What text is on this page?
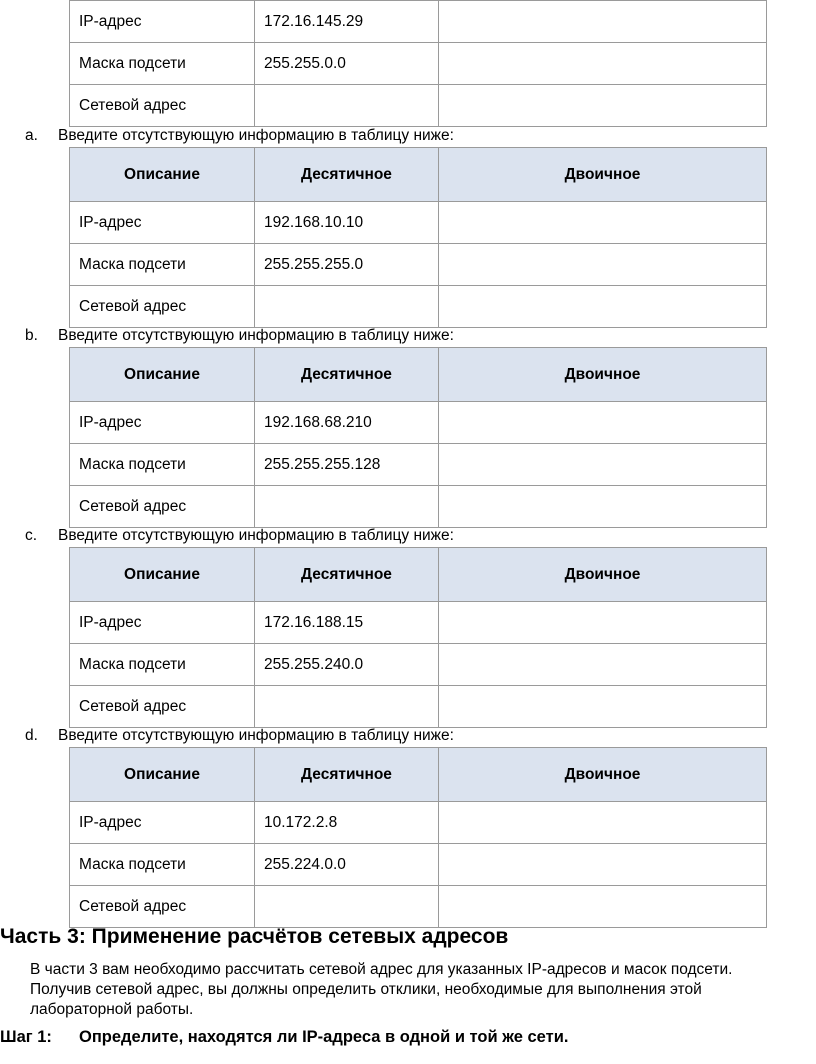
IP-адрес	172.16.145.29	
Маска подсети	255.255.0.0	
Сетевой адрес		
a. Введите отсутствующую информацию в таблицу ниже:
Описание	Десятичное	Двоичное
IP-адрес	192.168.10.10	
Маска подсети	255.255.255.0	
Сетевой адрес		
b. Введите отсутствующую информацию в таблицу ниже:
Описание	Десятичное	Двоичное
IP-адрес	192.168.68.210	
Маска подсети	255.255.255.128	
Сетевой адрес		
c. Введите отсутствующую информацию в таблицу ниже:
Описание	Десятичное	Двоичное
IP-адрес	172.16.188.15	
Маска подсети	255.255.240.0	
Сетевой адрес		
d. Введите отсутствующую информацию в таблицу ниже:
Описание	Десятичное	Двоичное
IP-адрес	10.172.2.8	
Маска подсети	255.224.0.0	
Сетевой адрес		
Часть 3: Применение расчётов сетевых адресов
В части 3 вам необходимо рассчитать сетевой адрес для указанных IP-адресов и масок подсети. Получив сетевой адрес, вы должны определить отклики, необходимые для выполнения этой лабораторной работы.
Шаг 1: Определите, находятся ли IP-адреса в одной и той же сети.
